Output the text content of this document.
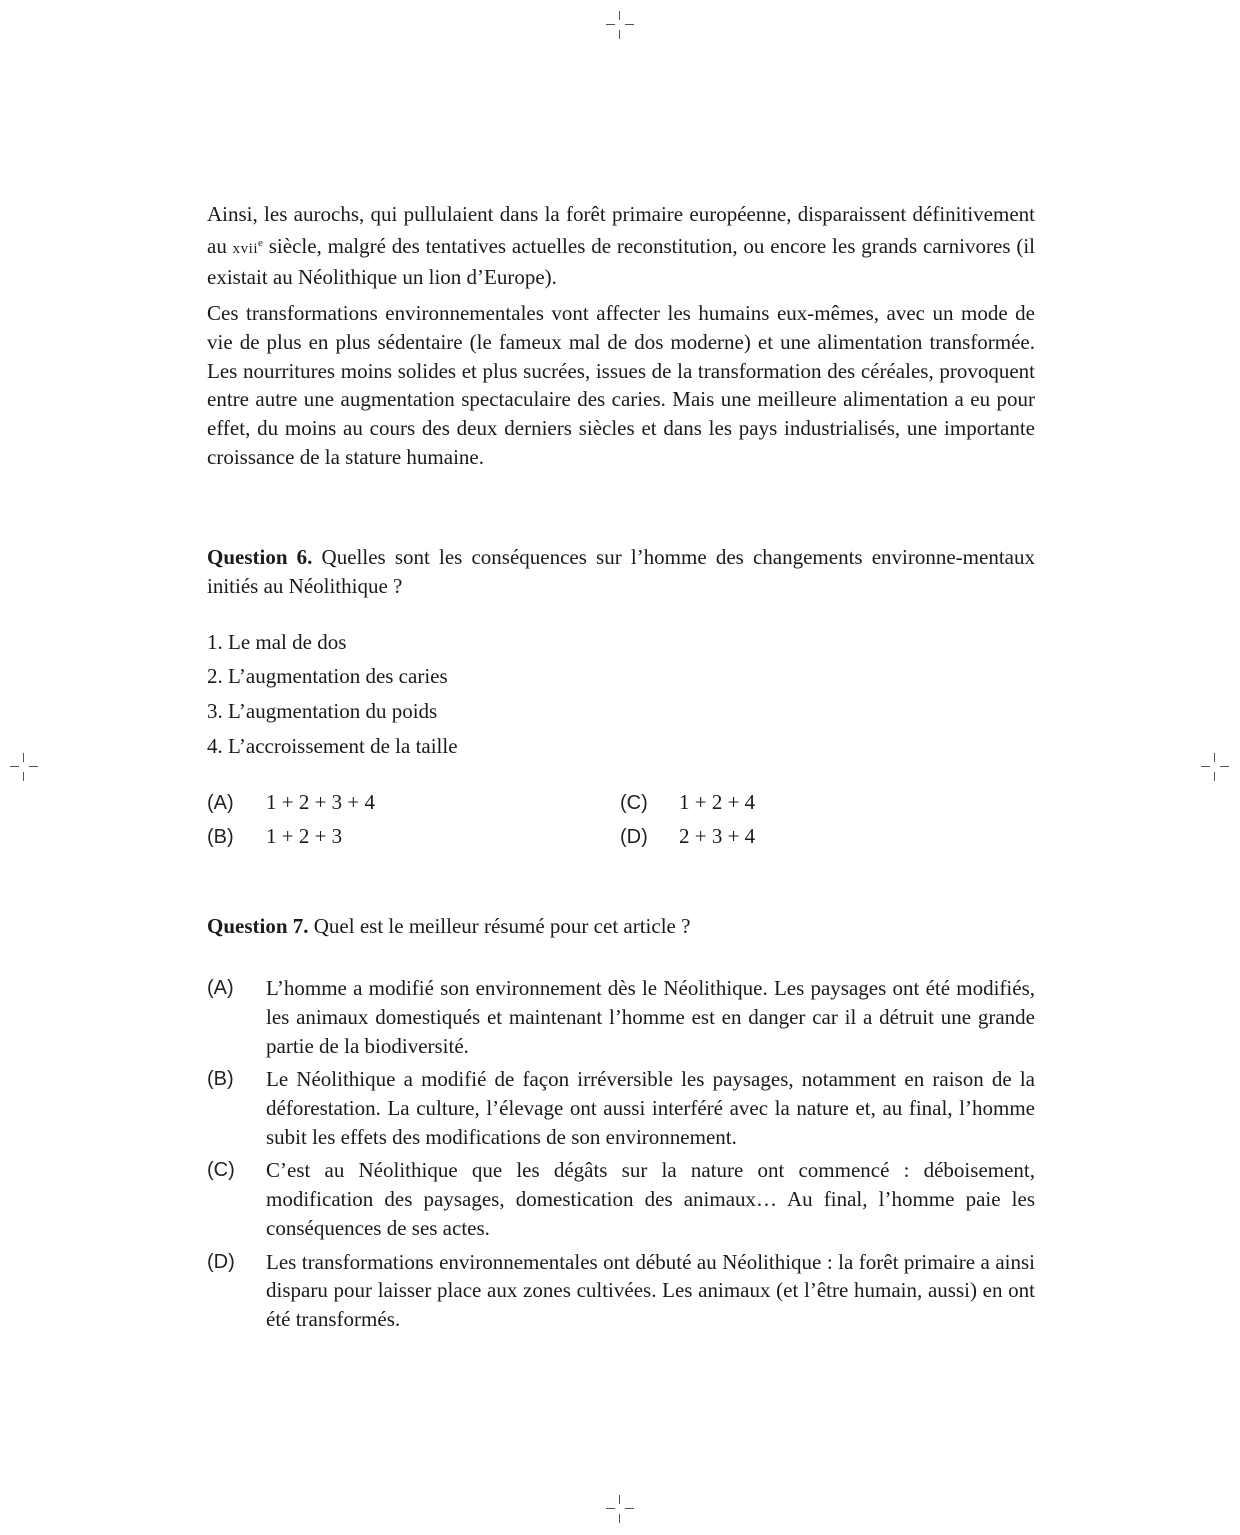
Ainsi, les aurochs, qui pullulaient dans la forêt primaire européenne, disparaissent définitivement au xvii$^e$ siècle, malgré des tentatives actuelles de reconstitution, ou encore les grands carnivores (il existait au Néolithique un lion d’Europe).

Ces transformations environnementales vont affecter les humains eux-mêmes, avec un mode de vie de plus en plus sédentaire (le fameux mal de dos moderne) et une alimentation transformée. Les nourritures moins solides et plus sucrées, issues de la transformation des céréales, provoquent entre autre une augmentation spectaculaire des caries. Mais une meilleure alimentation a eu pour effet, du moins au cours des deux derniers siècles et dans les pays industrialisés, une importante croissance de la stature humaine.

Question 6. Quelles sont les conséquences sur l’homme des changements environne-mentaux initiés au Néolithique ?

1. Le mal de dos
2. L’augmentation des caries
3. L’augmentation du poids
4. L’accroissement de la taille
(A) 1 + 2 + 3 + 4
(B) 1 + 2 + 3
(C) 1 + 2 + 4
(D) 2 + 3 + 4

Question 7. Quel est le meilleur résumé pour cet article ?

(A) L’homme a modifié son environnement dès le Néolithique. Les paysages ont été modifiés, les animaux domestiqués et maintenant l’homme est en danger car il a détruit une grande partie de la biodiversité.
(B) Le Néolithique a modifié de façon irréversible les paysages, notamment en raison de la déforestation. La culture, l’élevage ont aussi interféré avec la nature et, au final, l’homme subit les effets des modifications de son environnement.
(C) C’est au Néolithique que les dégâts sur la nature ont commencé : déboisement, modification des paysages, domestication des animaux… Au final, l’homme paie les conséquences de ses actes.
(D) Les transformations environnementales ont débuté au Néolithique : la forêt primaire a ainsi disparu pour laisser place aux zones cultivées. Les animaux (et l’être humain, aussi) en ont été transformés.
